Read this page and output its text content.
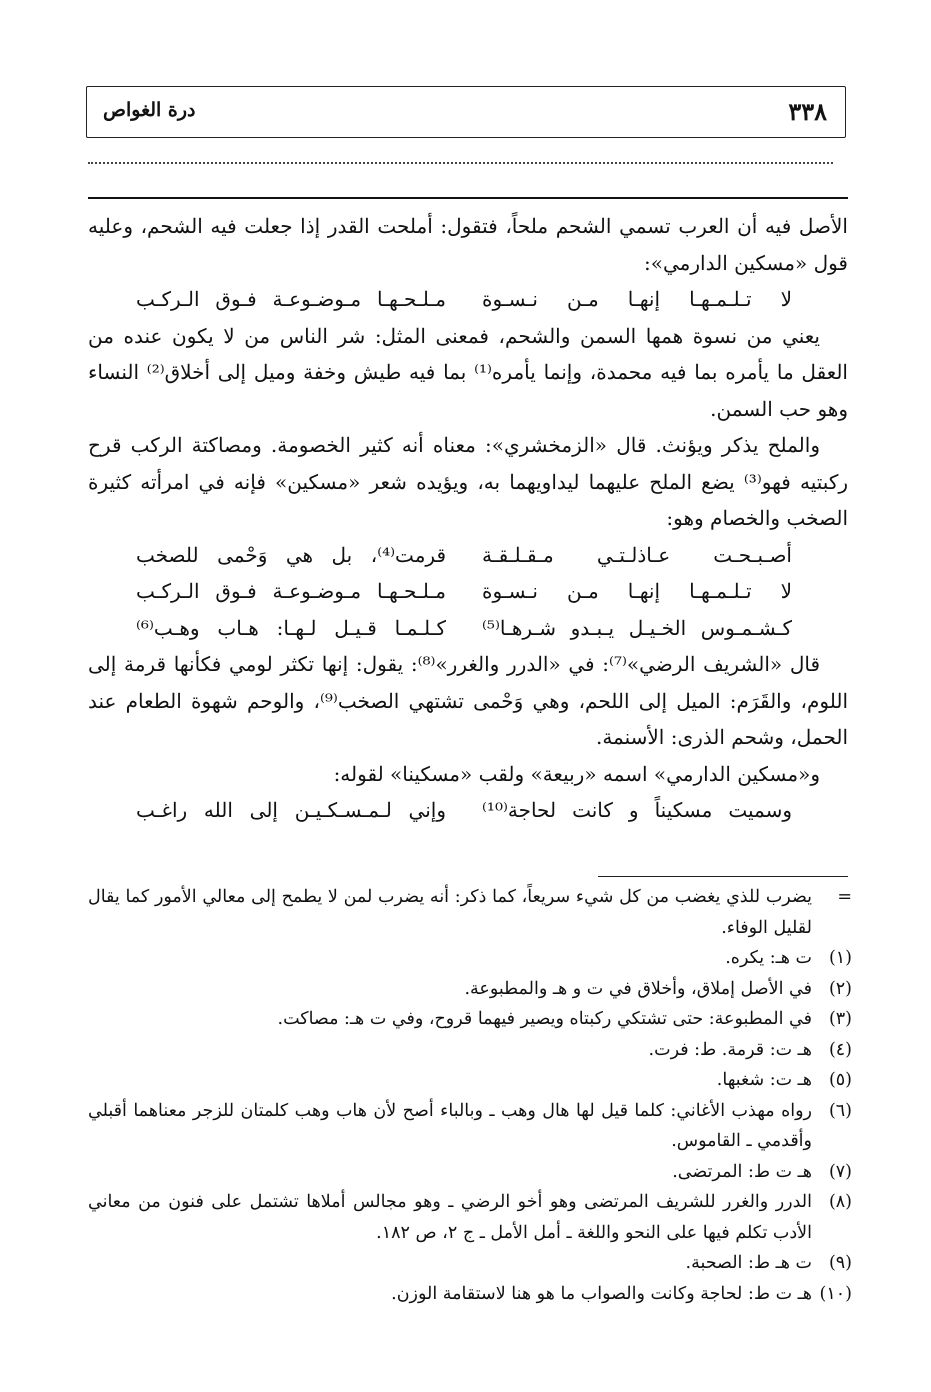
٣٣٨
درة الغواص

الأصل فيه أن العرب تسمي الشحم ملحاً، فتقول: أملحت القدر إذا جعلت فيه الشحم، وعليه قول «مسكين الدارمي»:

لا تـلـمـهـا إنهـا مـن نـسـوة
مـلـحـهـا مـوضـوعـة فـوق الـركـب

يعني من نسوة همها السمن والشحم، فمعنى المثل: شر الناس من لا يكون عنده من العقل ما يأمره بما فيه محمدة، وإنما يأمره⁽¹⁾ بما فيه طيش وخفة وميل إلى أخلاق⁽²⁾ النساء وهو حب السمن.

والملح يذكر ويؤنث. قال «الزمخشري»: معناه أنه كثير الخصومة. ومصاكتة الركب قرح ركبتيه فهو⁽³⁾ يضع الملح عليهما ليداويهما به، ويؤيده شعر «مسكين» فإنه في امرأته كثيرة الصخب والخصام وهو:

أصـبـحـت عـاذلـتـي مـقـلـقـة
قرمت⁽⁴⁾، بل هي وَحْمى للصخب
لا تـلـمـهـا إنهـا مـن نـسـوة
مـلـحـهـا مـوضـوعـة فـوق الـركـب
كـشـمـوس الخـيـل يـبـدو شـرهـا⁽⁵⁾
كـلـمـا قـيـل لـهـا: هـاب وهـب⁽⁶⁾

قال «الشريف الرضي»⁽⁷⁾: في «الدرر والغرر»⁽⁸⁾: يقول: إنها تكثر لومي فكأنها قرمة إلى اللوم، والقَرَم: الميل إلى اللحم، وهي وَحْمى تشتهي الصخب⁽⁹⁾، والوحم شهوة الطعام عند الحمل، وشحم الذرى: الأسنمة.

و«مسكين الدارمي» اسمه «ربيعة» ولقب «مسكينا» لقوله:

وسميت مسكيناً و كانت لحاجة⁽¹⁰⁾
وإني لـمـسـكـيـن إلى الله راغـب
=
يضرب للذي يغضب من كل شيء سريعاً، كما ذكر: أنه يضرب لمن لا يطمح إلى معالي الأمور كما يقال لقليل الوفاء.
(١)
ت هـ: يكره.
(٢)
في الأصل إملاق، وأخلاق في ت و هـ والمطبوعة.
(٣)
في المطبوعة: حتى تشتكي ركبتاه ويصير فيهما قروح، وفي ت هـ: مصاكت.
(٤)
هـ ت: قرمة. ط: فرت.
(٥)
هـ ت: شغبها.
(٦)
رواه مهذب الأغاني: كلما قيل لها هال وهب ـ وبالباء أصح لأن هاب وهب كلمتان للزجر معناهما أقبلي وأقدمي ـ القاموس.
(٧)
هـ ت ط: المرتضى.
(٨)
الدرر والغرر للشريف المرتضى وهو أخو الرضي ـ وهو مجالس أملاها تشتمل على فنون من معاني الأدب تكلم فيها على النحو واللغة ـ أمل الأمل ـ ج ٢، ص ١٨٢.
(٩)
ت هـ ط: الصحبة.
(١٠)
هـ ت ط: لحاجة وكانت والصواب ما هو هنا لاستقامة الوزن.
